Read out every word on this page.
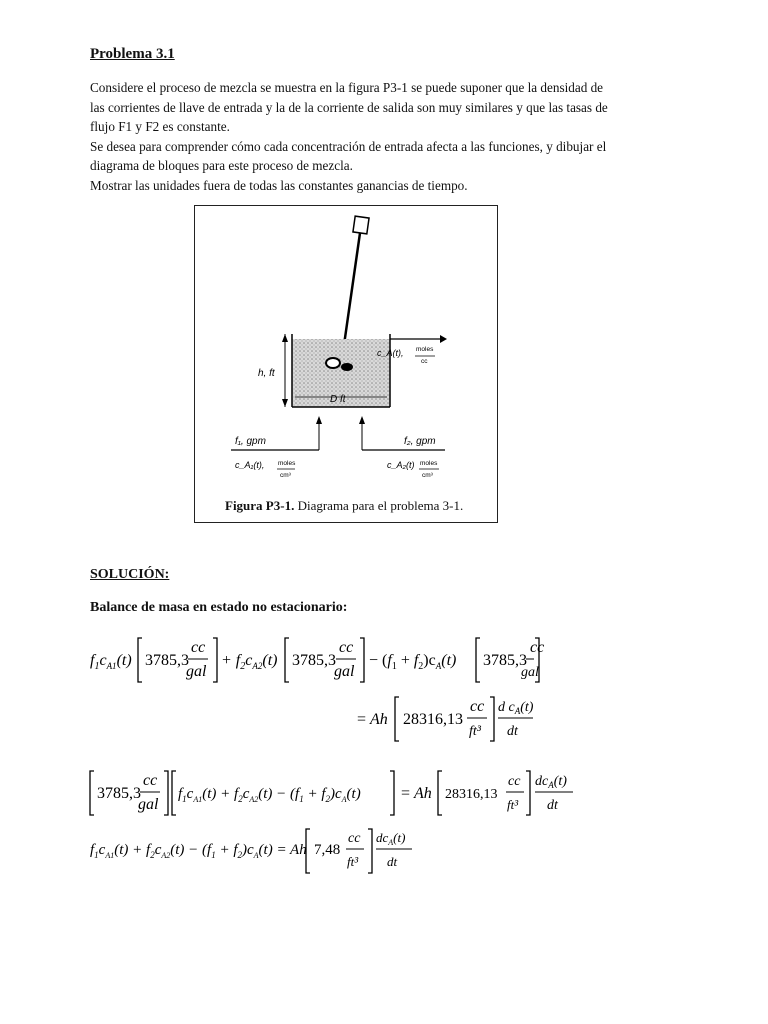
Problema 3.1
Considere el proceso de mezcla se muestra en la figura P3-1 se puede suponer que la densidad de
las corrientes de llave de entrada y la de la corriente de salida son muy similares y que las tasas de
flujo F1 y F2 es constante.
Se desea para comprender cómo cada concentración de entrada afecta a las funciones, y dibujar el
diagrama de bloques para este proceso de mezcla.
Mostrar las unidades fuera de todas las constantes ganancias de tiempo.
h, ft
D ft
c_A(t), moles
cc
f₁, gpm
c_A₁(t), moles
cm³
f₂, gpm
c_A₂(t) moles
cm³
Figura P3-1. Diagrama para el problema 3-1.
SOLUCIÓN:
Balance de masa en estado no estacionario:
$f_1c_{A1}(t)$ 3785,3
cc
gal
+ $f_2c_{A2}(t)$ 3785,3
cc
gal
− $(f_1 + f_2)c_A(t)$ 3785,3
cc
gal
= Ah 28316,13
cc
ft³
d $c_A(t)$
dt
3785,3
cc
gal
$f_1c_{A1}(t) + f_2c_{A2}(t) - (f_1 + f_2)c_A(t)$	= Ah 28316,13
cc
ft³
$dc_A(t)$
dt
$f_1c_{A1}(t) + f_2c_{A2}(t) - (f_1 + f_2)c_A(t) = Ah$ 7,48
cc
ft³
$dc_A(t)$
dt
